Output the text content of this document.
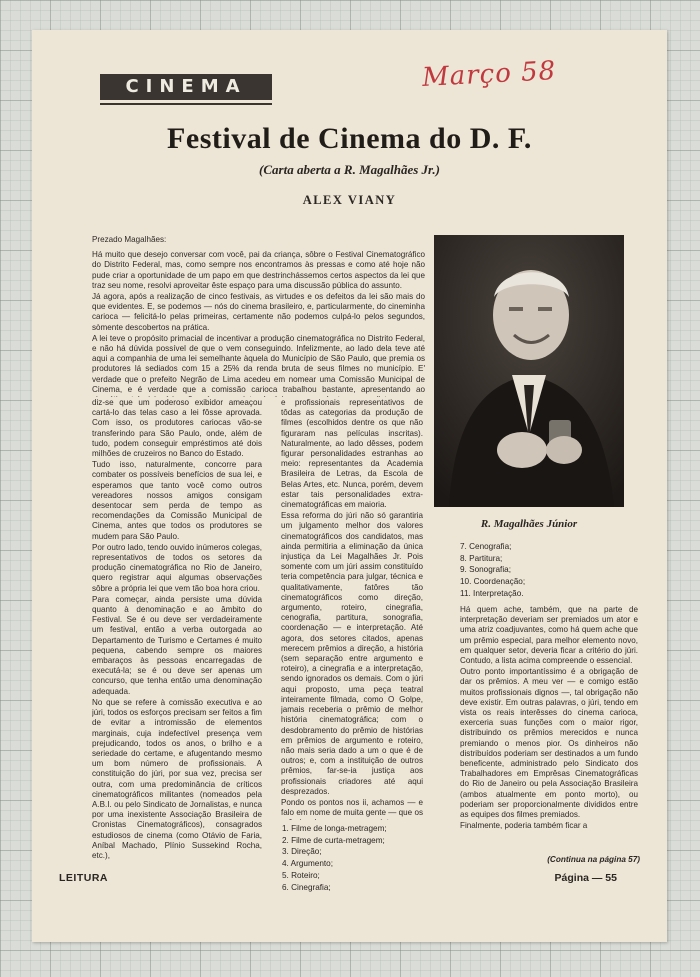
CINEMA	Março 58
Festival de Cinema do D. F.
(Carta aberta a R. Magalhães Jr.)
ALEX VIANY

Prezado Magalhães:

Há muito que desejo conversar com você, pai da criança, sôbre o Festival Cinematográfico do Distrito Federal, mas, como sempre nos encontramos às pressas e como até hoje não pude criar a oportunidade de um papo em que destrinchássemos certos aspectos da lei que traz seu nome, resolvi aproveitar êste espaço para uma discussão pública do assunto.

Já agora, após a realização de cinco festivais, as virtudes e os defeitos da lei são mais do que evidentes. E, se podemos — nós do cinema brasileiro, e, particularmente, do cineminha carioca — felicitá-lo pelas primeiras, certamente não podemos culpá-lo pelos segundos, sòmente descobertos na prática.

A lei teve o propósito primacial de incentivar a produção cinematográfica no Distrito Federal, e não há dúvida possível de que o vem conseguindo. Infelizmente, ao lado dela teve até aqui a companhia de uma lei semelhante àquela do Município de São Paulo, que premia os produtores lá sediados com 15 a 25% da renda bruta de seus filmes no município. E' verdade que o prefeito Negrão de Lima acedeu em nomear uma Comissão Municipal de Cinema, e é verdade que a comissão carioca trabalhou bastante, apresentando ao

diz-se que um poderoso exibidor ameaçou cartá-lo das telas caso a lei fôsse aprovada. Com isso, os produtores cariocas vão-se transferindo para São Paulo, onde, além de tudo, podem conseguir empréstimos até dois milhões de cruzeiros no Banco do Estado.

Tudo isso, naturalmente, concorre para combater os possíveis benefícios de sua lei, e esperamos que tanto você como outros vereadores nossos amigos consigam desentocar sem perda de tempo as recomendações da Comissão Municipal de Cinema, antes que todos os produtores se mudem para São Paulo.

Por outro lado, tendo ouvido inúmeros colegas, representativos de todos os setores da produção cinematográfica no Rio de Janeiro, quero registrar aqui algumas observações sôbre a própria lei que vem tão boa hora criou.

Para começar, ainda persiste uma dúvida quanto à denominação e ao âmbito do Festival. Se é ou deve ser verdadeiramente um festival, então a verba outorgada ao Departamento de Turismo e Certames é muito pequena, cabendo sempre os maiores embaraços às pessoas encarregadas de executá-la; se é ou deve ser apenas um concurso, que tenha então uma denominação adequada.

No que se refere à comissão executiva e ao júri, todos os esforços precisam ser feitos a fim de evitar a intromissão de elementos marginais, cuja indefectível presença vem prejudicando, todos os anos, o brilho e a seriedade do certame, e afugentando mesmo um bom número de profissionais. A constituição do júri, por sua vez, precisa ser outra, com uma predominância de críticos cinematográficos militantes (nomeados pela A.B.I. ou pelo Sindicato de Jornalistas, e nunca por uma inexistente Associação Brasileira de Cronistas Cinematográficos), consagrados estudiosos de cinema (como Otávio de Faria, Aníbal Machado, Plínio Sussekind Rocha, etc.),

e profissionais representativos de tôdas as categorias da produção de filmes (escolhidos dentre os que não figuraram nas películas inscritas). Naturalmente, ao lado dêsses, podem figurar personalidades estranhas ao meio: representantes da Academia Brasileira de Letras, da Escola de Belas Artes, etc. Nunca, porém, devem estar tais personalidades extra-cinematográficas em maioria.

Essa reforma do júri não só garantiria um julgamento melhor dos valores cinematográficos dos candidatos, mas ainda permitiria a eliminação da única injustiça da Lei Magalhães Jr. Pois somente com um júri assim constituído teria competência para julgar, técnica e qualitativamente, fatôres tão cinematográficos como direção, argumento, roteiro, cinegrafia, cenografia, partitura, sonografia, coordenação — e interpretação. Até agora, dos setores citados, apenas merecem prêmios a direção, a história (sem separação entre argumento e roteiro), a cinegrafia e a interpretação, sendo ignorados os demais. Com o júri aqui proposto, uma peça teatral inteiramente filmada, como O Golpe, jamais receberia o prêmio de melhor história cinematográfica; com o desdobramento do prêmio de histórias em prêmios de argumento e roteiro, não mais seria dado a um o que é de outros; e, com a instituição de outros prêmios, far-se-ia justiça aos profissionais criadores até aqui desprezados.

Pondo os pontos nos ii, achamos — e falo em nome de muita gente — que os

1. Filme de longa-metragem;
2. Filme de curta-metragem;
3. Direção;
4. Argumento;
5. Roteiro;
6. Cinegrafia;
R. Magalhães Júnior
7. Cenografia;
8. Partitura;
9. Sonografia;
10. Coordenação;
11. Interpretação.

Há quem ache, também, que na parte de interpretação deveriam ser premiados um ator e uma atriz coadjuvantes, como há quem ache que um prêmio especial, para melhor elemento novo, em qualquer setor, deveria ficar a critério do júri. Contudo, a lista acima compreende o essencial.

Outro ponto importantíssimo é a obrigação de dar os prêmios. A meu ver — e comigo estão muitos profissionais dignos —, tal obrigação não deve existir. Em outras palavras, o júri, tendo em vista os reais interêsses do cinema carioca, exerceria suas funções com o maior rigor, distribuindo os prêmios merecidos e nunca premiando o menos pior. Os dinheiros não distribuídos poderiam ser destinados a um fundo beneficente, administrado pelo Sindicato dos Trabalhadores em Emprêsas Cinematográficas do Rio de Janeiro ou pela Associação Brasileira (ambos atualmente em ponto morto), ou poderiam ser proporcionalmente divididos entre as equipes dos filmes premiados.

Finalmente, poderia também ficar a

(Continua na página 57)
LEITURA	Página — 55
